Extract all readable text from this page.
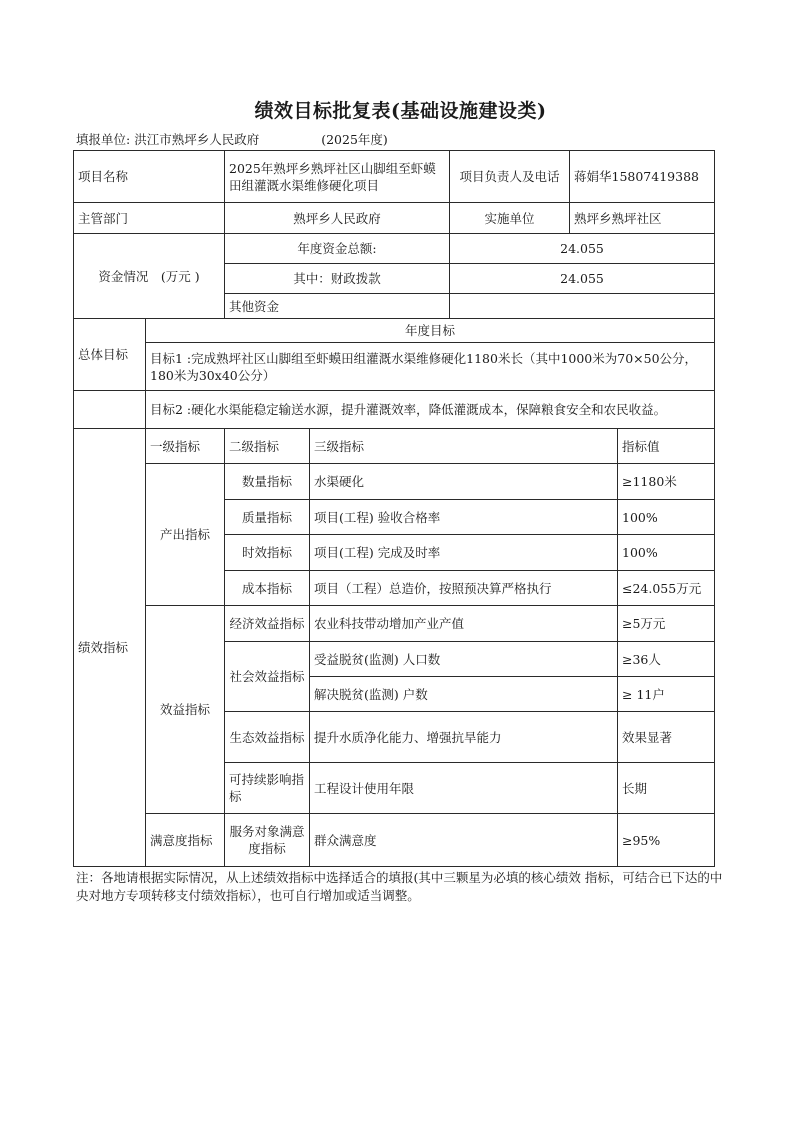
绩效目标批复表(基础设施建设类)
填报单位: 洪江市熟坪乡人民政府	(2025年度)
项目名称		2025年熟坪乡熟坪社区山脚组至虾蟆田组灌溉水渠维修硬化项目		项目负责人及电话	蒋娟华15807419388	
主管部门		熟坪乡人民政府		实施单位	熟坪乡熟坪社区	
资金情况　(万元 )		年度资金总额:		24.055		
		其中：财政拨款		24.055		
		其他资金				
总体目标	年度目标					
	目标1 :完成熟坪社区山脚组至虾蟆田组灌溉水渠维修硬化1180米长（其中1000米为70×50公分，180米为30x40公分）					
	目标2 :硬化水渠能稳定输送水源，提升灌溉效率，降低灌溉成本，保障粮食安全和农民收益。					
绩效指标	一级指标	二级指标	三级指标			指标值
	产出指标	数量指标	水渠硬化			≥1180米
		质量指标	项目(工程) 验收合格率			100%
		时效指标	项目(工程) 完成及时率			100%
		成本指标	项目（工程）总造价，按照预决算严格执行			≤24.055万元
	效益指标	经济效益指标	农业科技带动增加产业产值			≥5万元
		社会效益指标	受益脱贫(监测) 人口数			≥36人
			解决脱贫(监测) 户数			≥ 11户
		生态效益指标	提升水质净化能力、增强抗旱能力			效果显著
		可持续影响指标	工程设计使用年限			长期
	满意度指标	服务对象满意度指标	群众满意度			≥95%
注：各地请根据实际情况，从上述绩效指标中选择适合的填报(其中三颗星为必填的核心绩效 指标，可结合已下达的中央对地方专项转移支付绩效指标），也可自行增加或适当调整。
